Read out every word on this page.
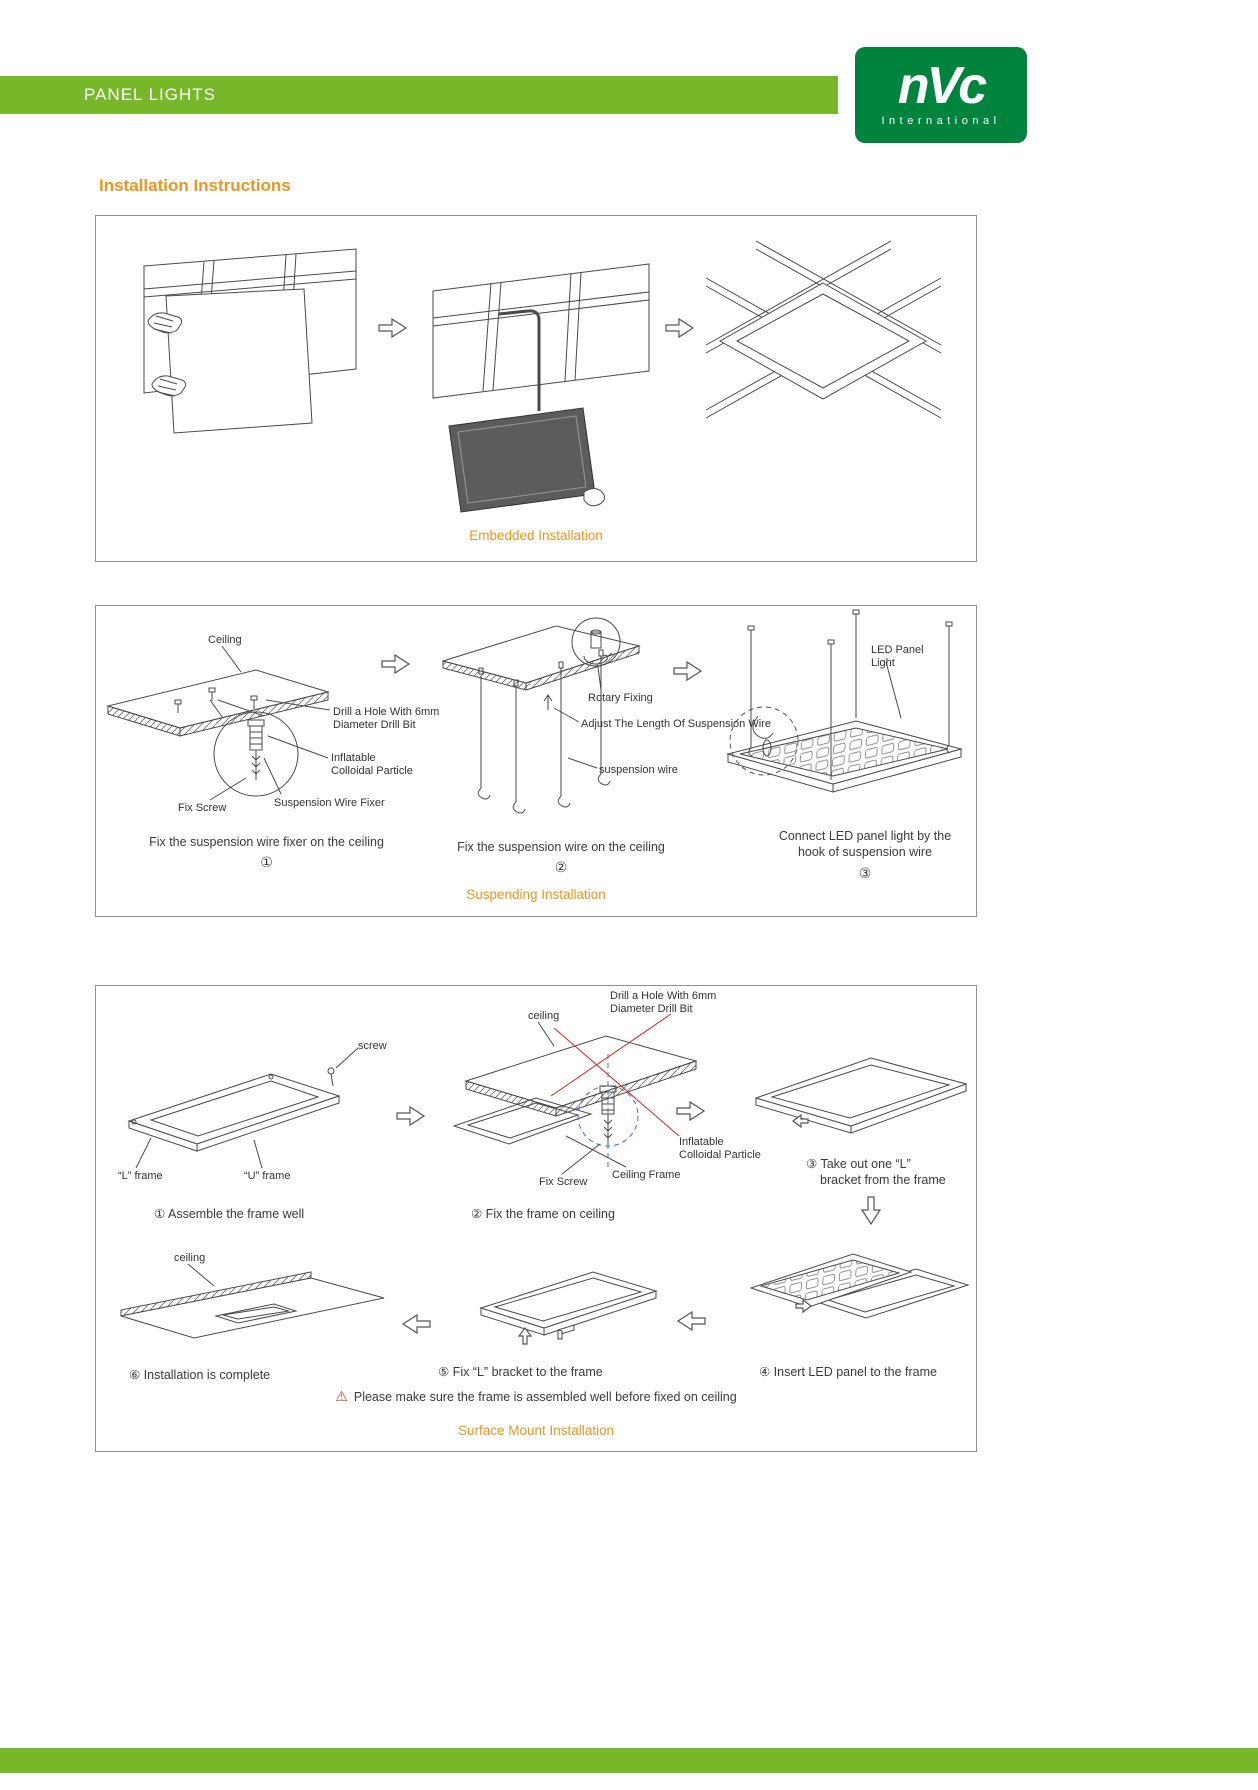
PANEL LIGHTS	nVc
International
Installation Instructions
Embedded Installation
Ceiling
Drill a Hole With 6mm
Diameter Drill Bit
Inflatable
Colloidal Particle
Suspension Wire Fixer
Fix Screw
Rotary Fixing
Adjust The Length Of Suspension Wire
suspension wire
LED Panel
Light
Fix the suspension wire fixer on the ceiling
①
Fix the suspension wire on the ceiling
②
Connect LED panel light by the
hook of suspension wire
③
Suspending Installation
screw
ceiling
Drill a Hole With 6mm
Diameter Drill Bit
“L” frame	“U” frame	Fix Screw
Ceiling Frame
Inflatable
Colloidal Particle
ceiling
① Assemble the frame well	② Fix the frame on ceiling
③ Take out one “L”
bracket from the frame
④ Insert LED panel to the frame
⑤ Fix “L” bracket to the frame
⑥ Installation is complete
⚠ Please make sure the frame is assembled well before fixed on ceiling
Surface Mount Installation
